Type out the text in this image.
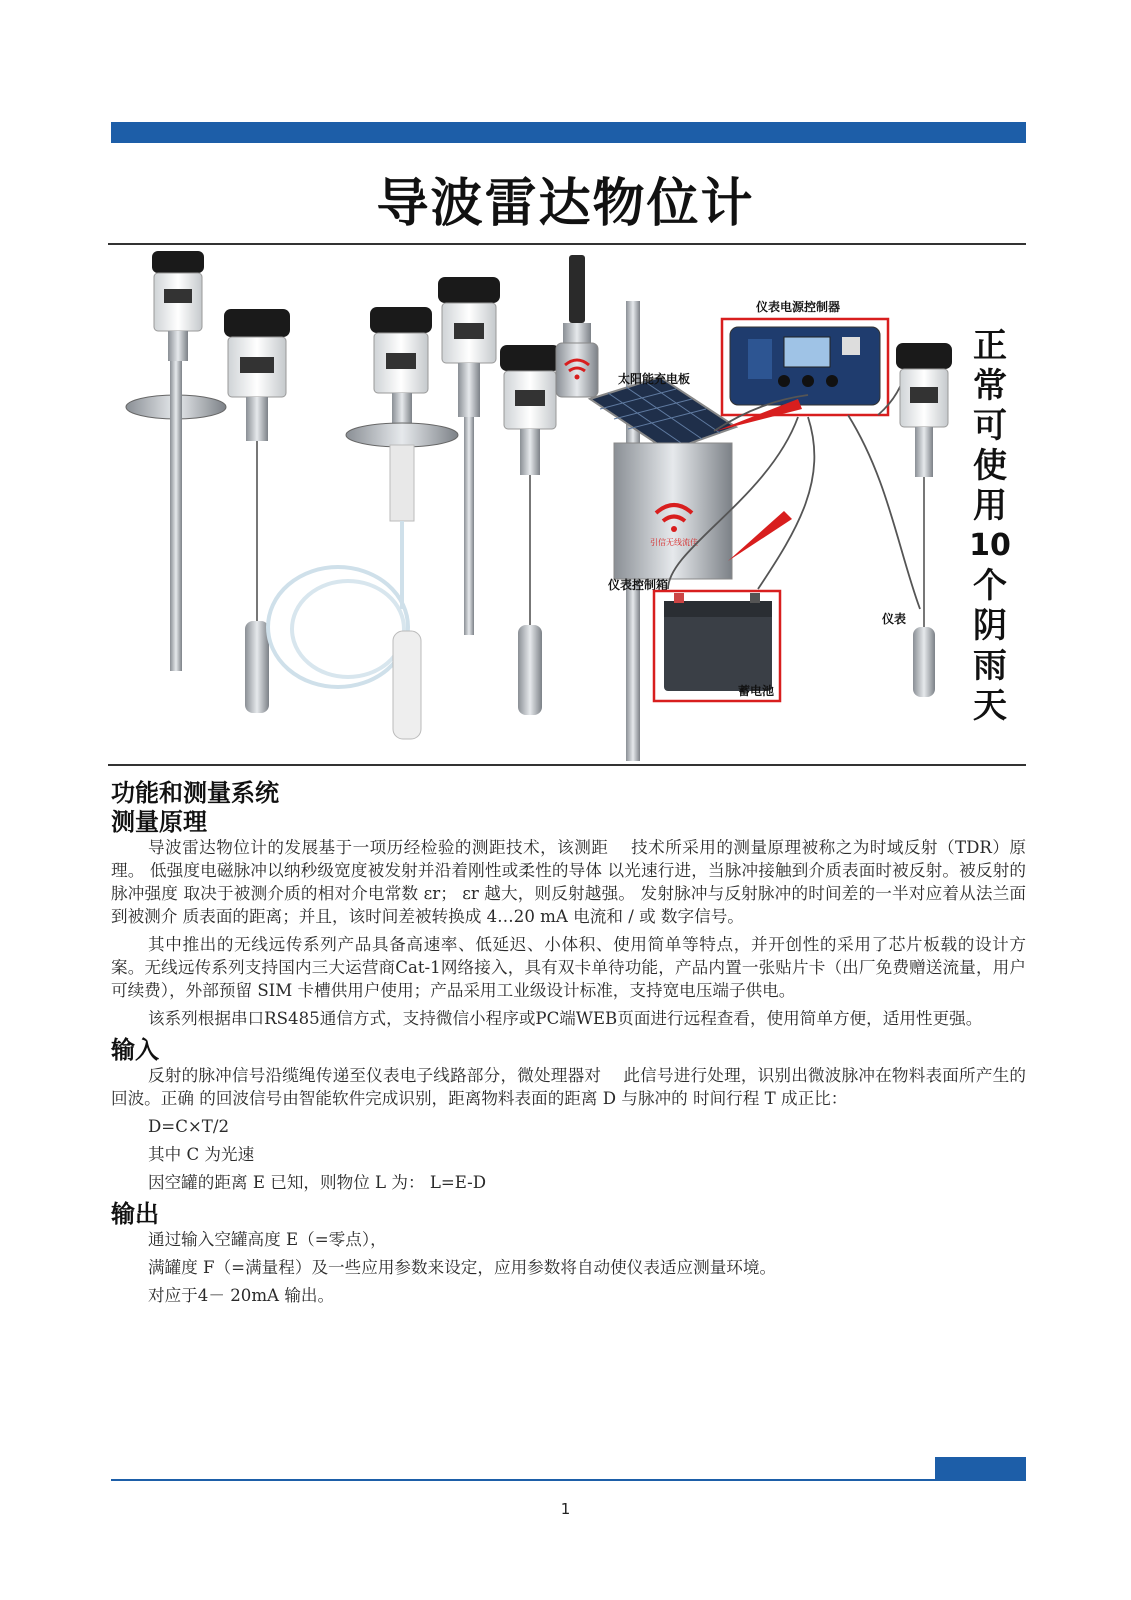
导波雷达物位计
太阳能充电板
引信无线流佳
仪表控制箱
仪表电源控制器
蓄电池
仪表
正
常
可
使
用
10
个
阴
雨
天
功能和测量系统
测量原理

导波雷达物位计的发展基于一项历经检验的测距技术，该测距　 技术所采用的测量原理被称之为时域反射（TDR）原理。 低强度电磁脉冲以纳秒级宽度被发射并沿着刚性或柔性的导体 以光速行进，当脉冲接触到介质表面时被反射。被反射的脉冲强度 取决于被测介质的相对介电常数 εr； εr 越大，则反射越强。 发射脉冲与反射脉冲的时间差的一半对应着从法兰面到被测介 质表面的距离；并且，该时间差被转换成 4…20 mA 电流和 / 或 数字信号。

其中推出的无线远传系列产品具备高速率、低延迟、小体积、使用简单等特点，并开创性的采用了芯片板载的设计方案。无线远传系列支持国内三大运营商Cat-1网络接入，具有双卡单待功能，产品内置一张贴片卡（出厂免费赠送流量，用户可续费），外部预留 SIM 卡槽供用户使用；产品采用工业级设计标准，支持宽电压端子供电。

该系列根据串口RS485通信方式，支持微信小程序或PC端WEB页面进行远程查看，使用简单方便，适用性更强。

输入

反射的脉冲信号沿缆绳传递至仪表电子线路部分，微处理器对　 此信号进行处理，识别出微波脉冲在物料表面所产生的回波。正确 的回波信号由智能软件完成识别，距离物料表面的距离 D 与脉冲的 时间行程 T 成正比：

D=C×T/2

其中 C 为光速

因空罐的距离 E 已知，则物位 L 为： L=E-D

输出

通过输入空罐高度 E（=零点），

满罐度 F（=满量程）及一些应用参数来设定，应用参数将自动使仪表适应测量环境。

对应于4－ 20mA 输出。

1
